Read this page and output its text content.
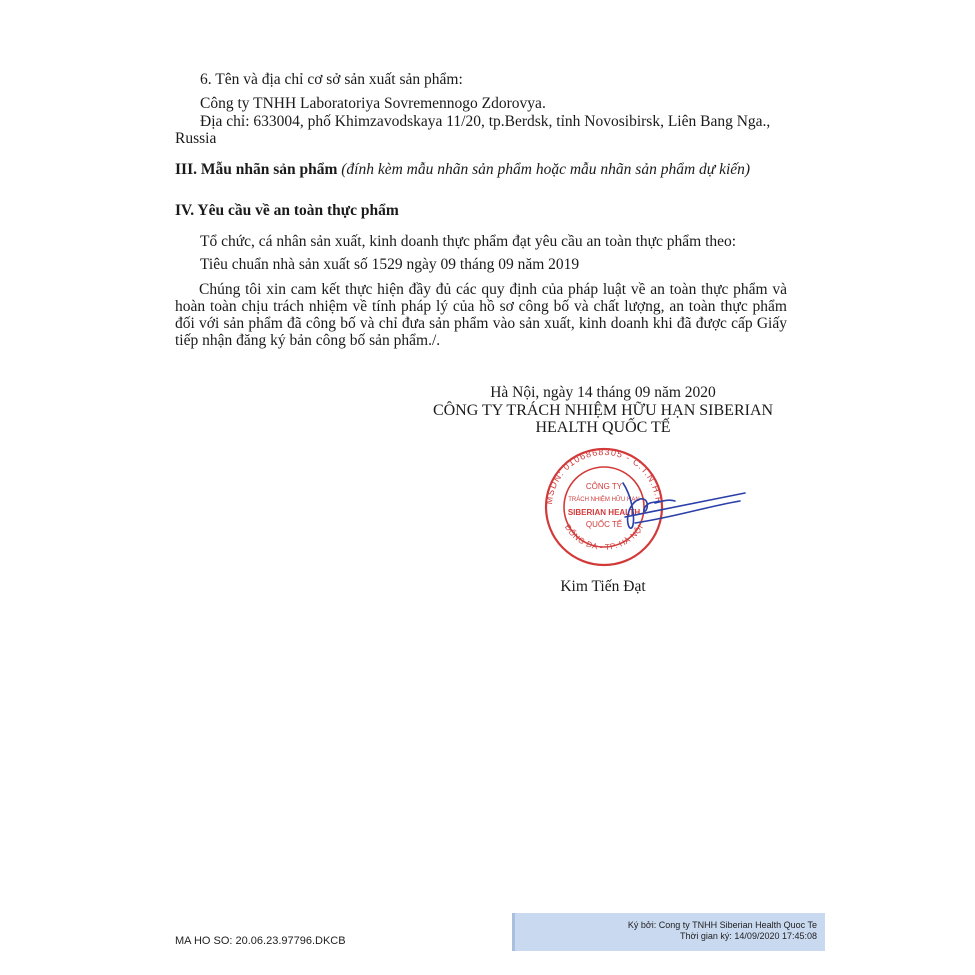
6. Tên và địa chỉ cơ sở sản xuất sản phẩm:
Công ty TNHH Laboratoriya Sovremennogo Zdorovya.
Địa chỉ: 633004, phố Khimzavodskaya 11/20, tp.Berdsk, tỉnh Novosibirsk, Liên Bang Nga.,
Russia
III. Mẫu nhãn sản phẩm (đính kèm mẫu nhãn sản phẩm hoặc mẫu nhãn sản phẩm dự kiến)
IV. Yêu cầu về an toàn thực phẩm
Tổ chức, cá nhân sản xuất, kinh doanh thực phẩm đạt yêu cầu an toàn thực phẩm theo:
Tiêu chuẩn nhà sản xuất số 1529 ngày 09 tháng 09 năm 2019
Chúng tôi xin cam kết thực hiện đầy đủ các quy định của pháp luật về an toàn thực phẩm và hoàn toàn chịu trách nhiệm về tính pháp lý của hồ sơ công bố và chất lượng, an toàn thực phẩm đối với sản phẩm đã công bố và chỉ đưa sản phẩm vào sản xuất, kinh doanh khi đã được cấp Giấy tiếp nhận đăng ký bản công bố sản phẩm./.
Hà Nội, ngày 14 tháng 09 năm 2020
CÔNG TY TRÁCH NHIỆM HỮU HẠN SIBERIAN
HEALTH QUỐC TẾ
MSDN: 0106868305 - C.T.N.H.H
ĐỐNG ĐA - TP. HÀ NỘI
CÔNG TY
TRÁCH NHIỆM HỮU HẠN
SIBERIAN HEALTH
QUỐC TẾ
Kim Tiến Đạt
MA HO SO: 20.06.23.97796.DKCB
Ký bởi: Cong ty TNHH Siberian Health Quoc Te
Thời gian ký: 14/09/2020 17:45:08
